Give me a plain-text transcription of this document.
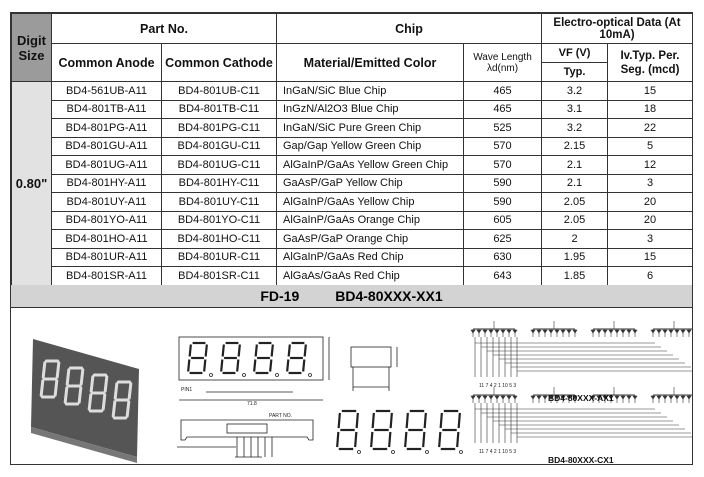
Digit Size	Part No.		Chip		Electro-optical Data (At 10mA)	
	Common Anode	Common Cathode	Material/Emitted Color	Wave Length λd(nm)	VF (V)	Iv.Typ. Per. Seg. (mcd)
					Typ.	
0.80"	BD4-561UB-A11	BD4-801UB-C11	InGaN/SiC Blue Chip	465	3.2	15
	BD4-801TB-A11	BD4-801TB-C11	InGzN/Al2O3 Blue Chip	465	3.1	18
	BD4-801PG-A11	BD4-801PG-C11	InGaN/SiC Pure Green Chip	525	3.2	22
	BD4-801GU-A11	BD4-801GU-C11	Gap/Gap Yellow Green Chip	570	2.15	5
	BD4-801UG-A11	BD4-801UG-C11	AlGaInP/GaAs Yellow Green Chip	570	2.1	12
	BD4-801HY-A11	BD4-801HY-C11	GaAsP/GaP Yellow Chip	590	2.1	3
	BD4-801UY-A11	BD4-801UY-C11	AlGaInP/GaAs Yellow Chip	590	2.05	20
	BD4-801YO-A11	BD4-801YO-C11	AlGaInP/GaAs Orange Chip	605	2.05	20
	BD4-801HO-A11	BD4-801HO-C11	GaAsP/GaP Orange Chip	625	2	3
	BD4-801UR-A11	BD4-801UR-C11	AlGaInP/GaAs Red Chip	630	1.95	15
	BD4-801SR-A11	BD4-801SR-C11	AlGaAs/GaAs Red Chip	643	1.85	6
FD-19	BD4-80XXX-XX1
PIN1
71.8
PART NO.
11 7 4 2 1 10 5 3
11 7 4 2 1 10 5 3
BD4-80XXX-AX1
BD4-80XXX-CX1
